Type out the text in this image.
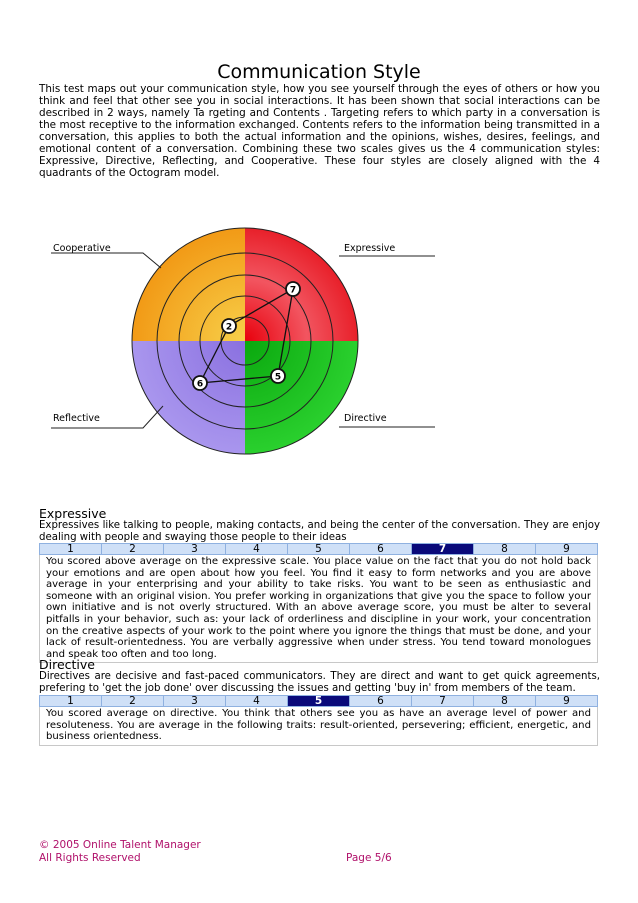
Communication Style
This test maps out your communication style, how you see yourself through the eyes of others or how you think and feel that other see you in social interactions. It has been shown that social interactions can be described in 2 ways, namely Ta rgeting and Contents . Targeting refers to which party in a conversation is the most receptive to the information exchanged. Contents refers to the information being transmitted in a conversation, this applies to both the actual information and the opinions, wishes, desires, feelings, and emotional content of a conversation. Combining these two scales gives us the 4 communication styles: Expressive, Directive, Reflecting, and Cooperative. These four styles are closely aligned with the 4 quadrants of the Octogram model.
Cooperative	Expressive
Reflective	Directive
2
7
6
5
Expressive
Expressives like talking to people, making contacts, and being the center of the conversation. They are enjoy dealing with people and swaying those people to their ideas
1	2	3	4	5	6	7	8	9
You scored above average on the expressive scale. You place value on the fact that you do not hold back your emotions and are open about how you feel. You find it easy to form networks and you are above average in your enterprising and your ability to take risks. You want to be seen as enthusiastic and someone with an original vision. You prefer working in organizations that give you the space to follow your own initiative and is not overly structured. With an above average score, you must be alter to several pitfalls in your behavior, such as: your lack of orderliness and discipline in your work, your concentration on the creative aspects of your work to the point where you ignore the things that must be done, and your lack of result-orientedness. You are verbally aggressive when under stress. You tend toward monologues and speak too often and too long.
Directive
Directives are decisive and fast-paced communicators. They are direct and want to get quick agreements, prefering to 'get the job done' over discussing the issues and getting 'buy in' from members of the team.
1	2	3	4	5	6	7	8	9
You scored average on directive. You think that others see you as have an average level of power and resoluteness. You are average in the following traits: result-oriented, persevering; efficient, energetic, and business orientedness.
© 2005 Online Talent Manager
All Rights Reserved	Page 5/6
